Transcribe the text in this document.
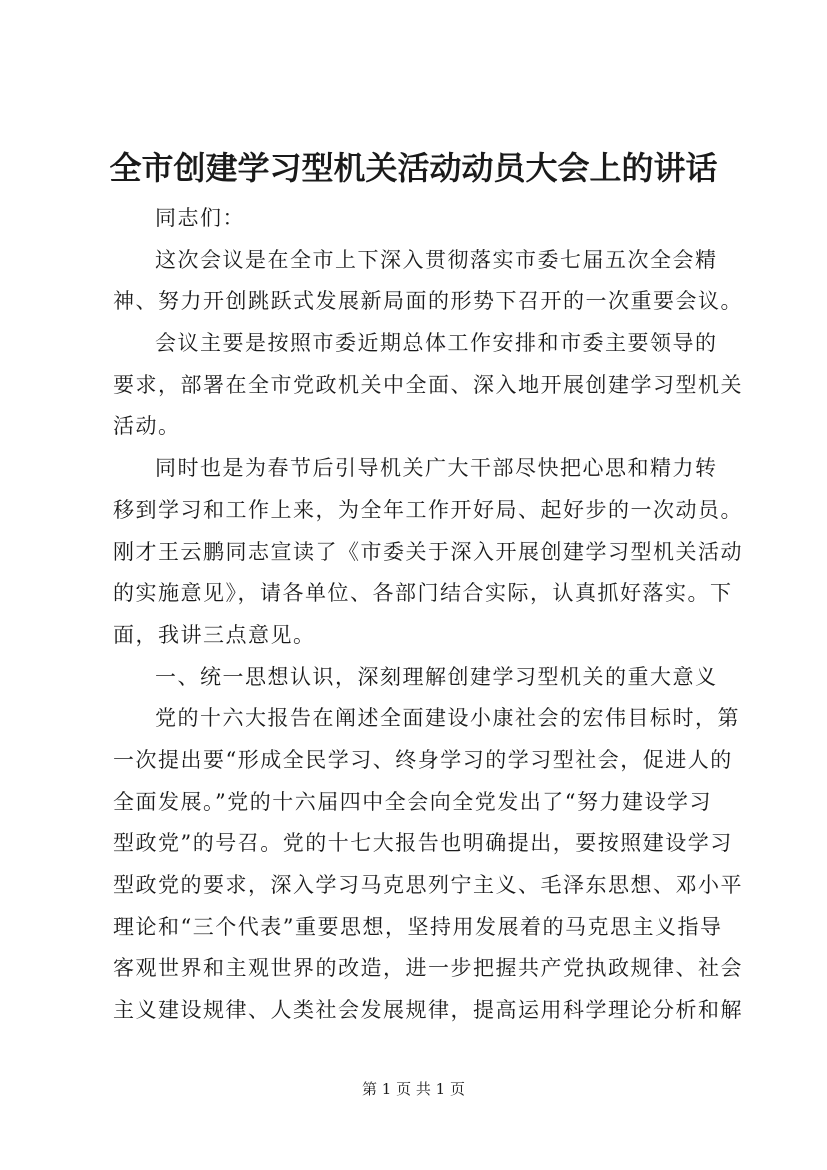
全市创建学习型机关活动动员大会上的讲话
同志们：
这次会议是在全市上下深入贯彻落实市委七届五次全会精
神、努力开创跳跃式发展新局面的形势下召开的一次重要会议。
会议主要是按照市委近期总体工作安排和市委主要领导的
要求，部署在全市党政机关中全面、深入地开展创建学习型机关
活动。
同时也是为春节后引导机关广大干部尽快把心思和精力转
移到学习和工作上来，为全年工作开好局、起好步的一次动员。
刚才王云鹏同志宣读了《市委关于深入开展创建学习型机关活动
的实施意见》，请各单位、各部门结合实际，认真抓好落实。下
面，我讲三点意见。
一、统一思想认识，深刻理解创建学习型机关的重大意义
党的十六大报告在阐述全面建设小康社会的宏伟目标时，第
一次提出要“形成全民学习、终身学习的学习型社会，促进人的
全面发展。”党的十六届四中全会向全党发出了“努力建设学习
型政党”的号召。党的十七大报告也明确提出，要按照建设学习
型政党的要求，深入学习马克思列宁主义、毛泽东思想、邓小平
理论和“三个代表”重要思想，坚持用发展着的马克思主义指导
客观世界和主观世界的改造，进一步把握共产党执政规律、社会
主义建设规律、人类社会发展规律，提高运用科学理论分析和解
第 1 页 共 1 页
